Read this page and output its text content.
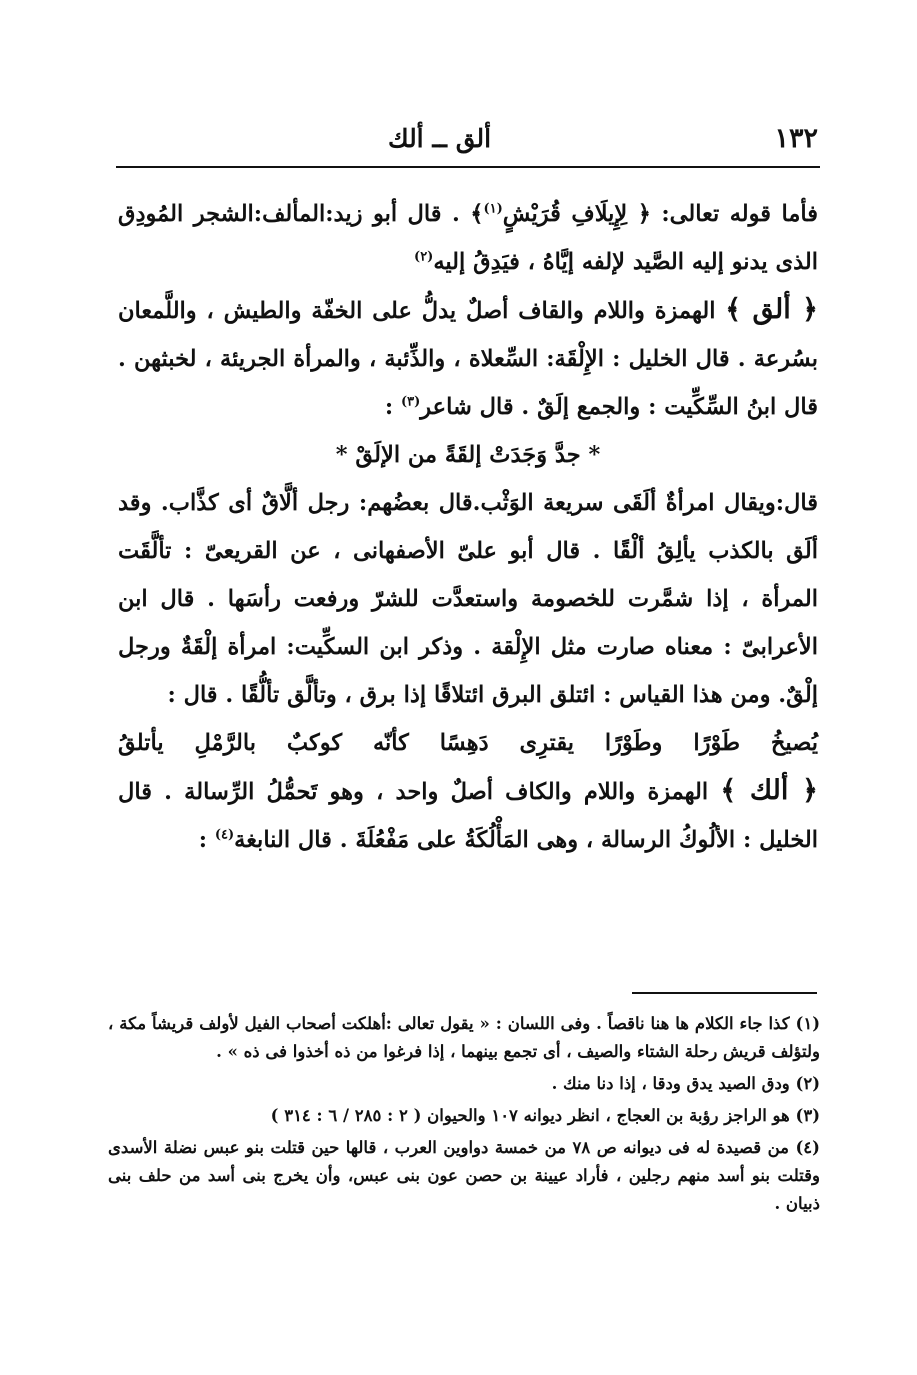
١٣٢
ألق ــ ألك

فأما قوله تعالى: ﴿ لِإِيلَافِ قُرَيْشٍ$^{(١)}$﴾ . قال أبو زيد:المألف:الشجر المُودِق الذى يدنو إليه الصَّيد لإلفه إيَّاهُ ، فيَدِقُ إليه$^{(٢)}$

﴿ ألق ﴾ الهمزة واللام والقاف أصلٌ يدلُّ على الخفّة والطيش ، واللَّمعان بسُرعة . قال الخليل : الإِلْقَة: السِّعلاة ، والذِّئبة ، والمرأة الجريئة ، لخبثهن . قال ابنُ السِّكِّيت : والجمع إلَقٌ . قال شاعر$^{(٣)}$ :

* جدَّ وَجَدَتْ إلقَةً من الإلَقْ *

قال:ويقال امرأةٌ ألَقَى سريعة الوَثْب.قال بعضُهم: رجل ألَّاقٌ أى كذَّاب. وقد ألَق بالكذب يألِقُ ألْقًا . قال أبو علىّ الأصفهانى ، عن القريعىّ : تألَّقَت المرأة ، إذا شمَّرت للخصومة واستعدَّت للشرّ ورفعت رأسَها . قال ابن الأعرابىّ : معناه صارت مثل الإِلْقة . وذكر ابن السكِّيت: امرأة إلْقَةٌ ورجل إلْقٌ. ومن هذا القياس : ائتلق البرق ائتلاقًا إذا برق ، وتألَّق تألُّقًا . قال :

يُصيخُ طَوْرًا وطَوْرًا يقترِى دَهِسًا كأنّه كوكبٌ بالرَّمْلِ يأتلقُ

﴿ ألك ﴾ الهمزة واللام والكاف أصلٌ واحد ، وهو تَحمُّلُ الرِّسالة . قال الخليل : الألُوكُ الرسالة ، وهى المَأْلُكَةُ على مَفْعُلَةَ . قال النابغة$^{(٤)}$ :

(١) كذا جاء الكلام ها هنا ناقصاً . وفى اللسان : « يقول تعالى :أهلكت أصحاب الفيل لأولف قريشاً مكة ، ولتؤلف قريش رحلة الشتاء والصيف ، أى تجمع بينهما ، إذا فرغوا من ذه أخذوا فى ذه » .

(٢) ودق الصيد يدق ودقا ، إذا دنا منك .

(٣) هو الراجز رؤبة بن العجاج ، انظر ديوانه ١٠٧ والحيوان ( ٢ : ٢٨٥ / ٦ : ٣١٤ )

(٤) من قصيدة له فى ديوانه ص ٧٨ من خمسة دواوين العرب ، قالها حين قتلت بنو عبس نضلة الأسدى وقتلت بنو أسد منهم رجلين ، فأراد عيينة بن حصن عون بنى عبس، وأن يخرج بنى أسد من حلف بنى ذبيان .
